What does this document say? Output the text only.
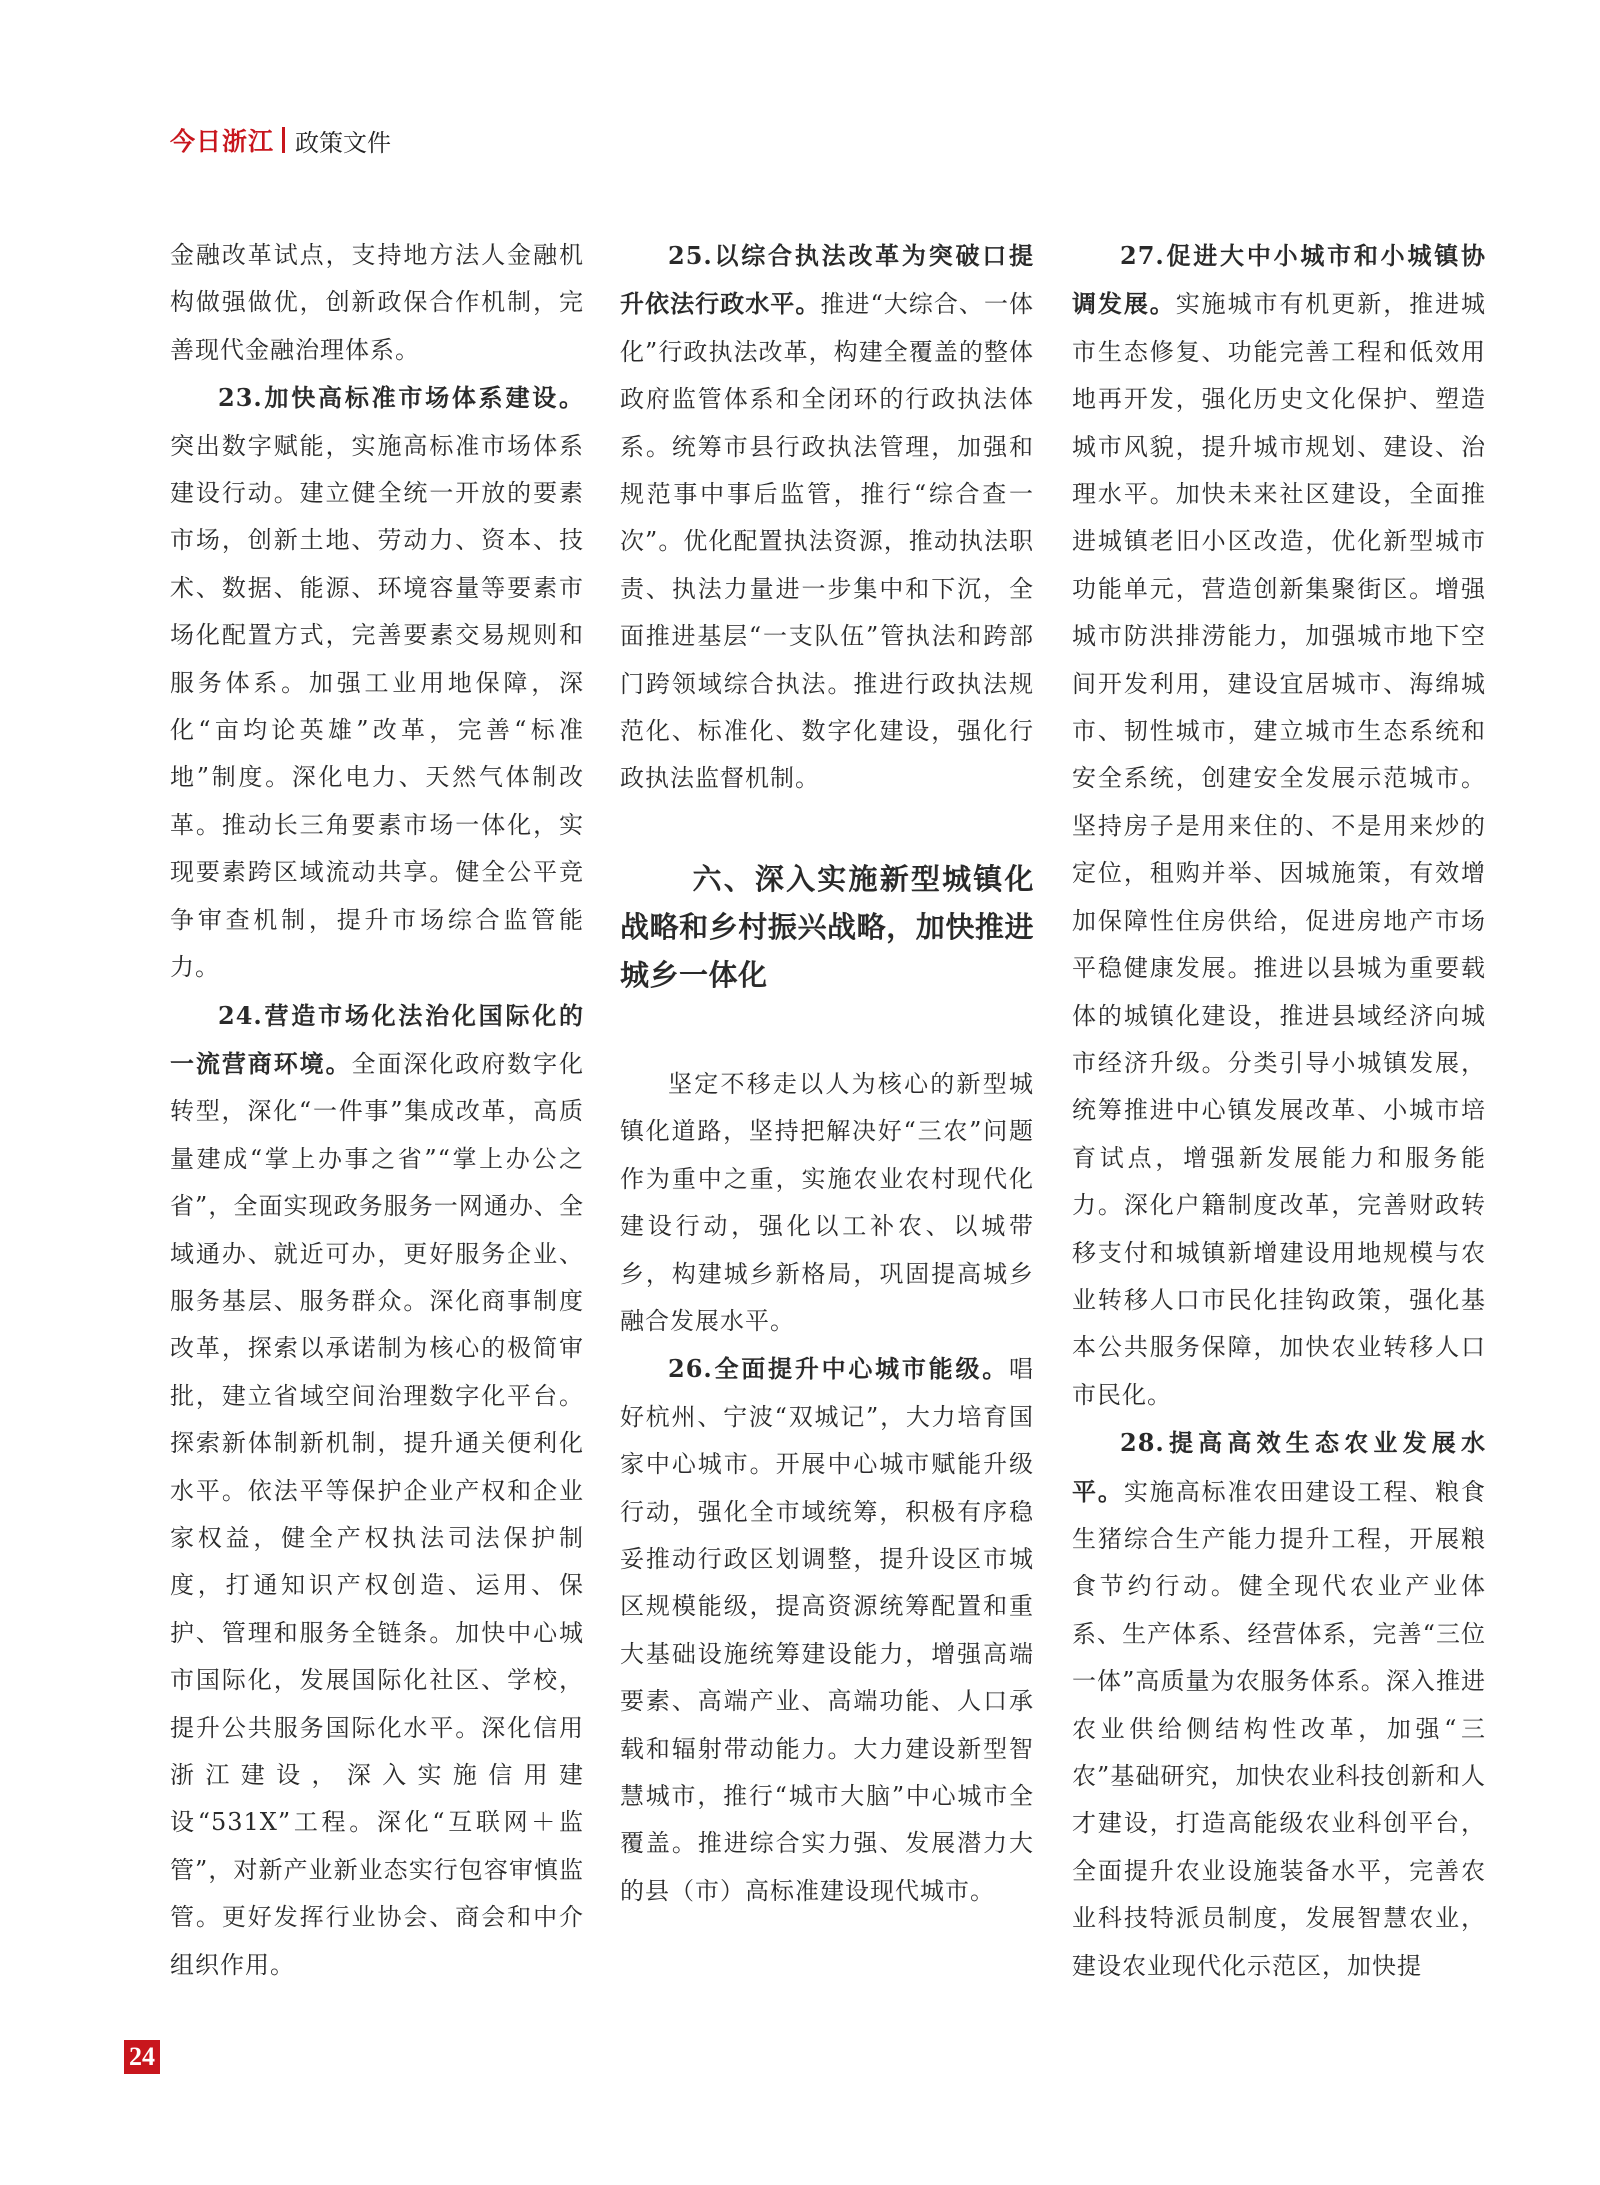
今日浙江 政策文件

金融改革试点，支持地方法人金融机构做强做优，创新政保合作机制，完善现代金融治理体系。

23.加快高标准市场体系建设。突出数字赋能，实施高标准市场体系建设行动。建立健全统一开放的要素市场，创新土地、劳动力、资本、技术、数据、能源、环境容量等要素市场化配置方式，完善要素交易规则和服务体系。加强工业用地保障，深化“亩均论英雄”改革，完善“标准地”制度。深化电力、天然气体制改革。推动长三角要素市场一体化，实现要素跨区域流动共享。健全公平竞争审查机制，提升市场综合监管能力。

24.营造市场化法治化国际化的一流营商环境。全面深化政府数字化转型，深化“一件事”集成改革，高质量建成“掌上办事之省”“掌上办公之省”，全面实现政务服务一网通办、全域通办、就近可办，更好服务企业、服务基层、服务群众。深化商事制度改革，探索以承诺制为核心的极简审批，建立省域空间治理数字化平台。探索新体制新机制，提升通关便利化水平。依法平等保护企业产权和企业家权益，健全产权执法司法保护制度，打通知识产权创造、运用、保护、管理和服务全链条。加快中心城市国际化，发展国际化社区、学校，提升公共服务国际化水平。深化信用浙江建设，深入实施信用建设“531X”工程。深化“互联网＋监管”，对新产业新业态实行包容审慎监管。更好发挥行业协会、商会和中介组织作用。

25.以综合执法改革为突破口提升依法行政水平。推进“大综合、一体化”行政执法改革，构建全覆盖的整体政府监管体系和全闭环的行政执法体系。统筹市县行政执法管理，加强和规范事中事后监管，推行“综合查一次”。优化配置执法资源，推动执法职责、执法力量进一步集中和下沉，全面推进基层“一支队伍”管执法和跨部门跨领域综合执法。推进行政执法规范化、标准化、数字化建设，强化行政执法监督机制。

六、深入实施新型城镇化战略和乡村振兴战略，加快推进城乡一体化

坚定不移走以人为核心的新型城镇化道路，坚持把解决好“三农”问题作为重中之重，实施农业农村现代化建设行动，强化以工补农、以城带乡，构建城乡新格局，巩固提高城乡融合发展水平。

26.全面提升中心城市能级。唱好杭州、宁波“双城记”，大力培育国家中心城市。开展中心城市赋能升级行动，强化全市域统筹，积极有序稳妥推动行政区划调整，提升设区市城区规模能级，提高资源统筹配置和重大基础设施统筹建设能力，增强高端要素、高端产业、高端功能、人口承载和辐射带动能力。大力建设新型智慧城市，推行“城市大脑”中心城市全覆盖。推进综合实力强、发展潜力大的县（市）高标准建设现代城市。

27.促进大中小城市和小城镇协调发展。实施城市有机更新，推进城市生态修复、功能完善工程和低效用地再开发，强化历史文化保护、塑造城市风貌，提升城市规划、建设、治理水平。加快未来社区建设，全面推进城镇老旧小区改造，优化新型城市功能单元，营造创新集聚街区。增强城市防洪排涝能力，加强城市地下空间开发利用，建设宜居城市、海绵城市、韧性城市，建立城市生态系统和安全系统，创建安全发展示范城市。坚持房子是用来住的、不是用来炒的定位，租购并举、因城施策，有效增加保障性住房供给，促进房地产市场平稳健康发展。推进以县城为重要载体的城镇化建设，推进县域经济向城市经济升级。分类引导小城镇发展，统筹推进中心镇发展改革、小城市培育试点，增强新发展能力和服务能力。深化户籍制度改革，完善财政转移支付和城镇新增建设用地规模与农业转移人口市民化挂钩政策，强化基本公共服务保障，加快农业转移人口市民化。

28.提高高效生态农业发展水平。实施高标准农田建设工程、粮食生猪综合生产能力提升工程，开展粮食节约行动。健全现代农业产业体系、生产体系、经营体系，完善“三位一体”高质量为农服务体系。深入推进农业供给侧结构性改革，加强“三农”基础研究，加快农业科技创新和人才建设，打造高能级农业科创平台，全面提升农业设施装备水平，完善农业科技特派员制度，发展智慧农业，建设农业现代化示范区，加快提

24
